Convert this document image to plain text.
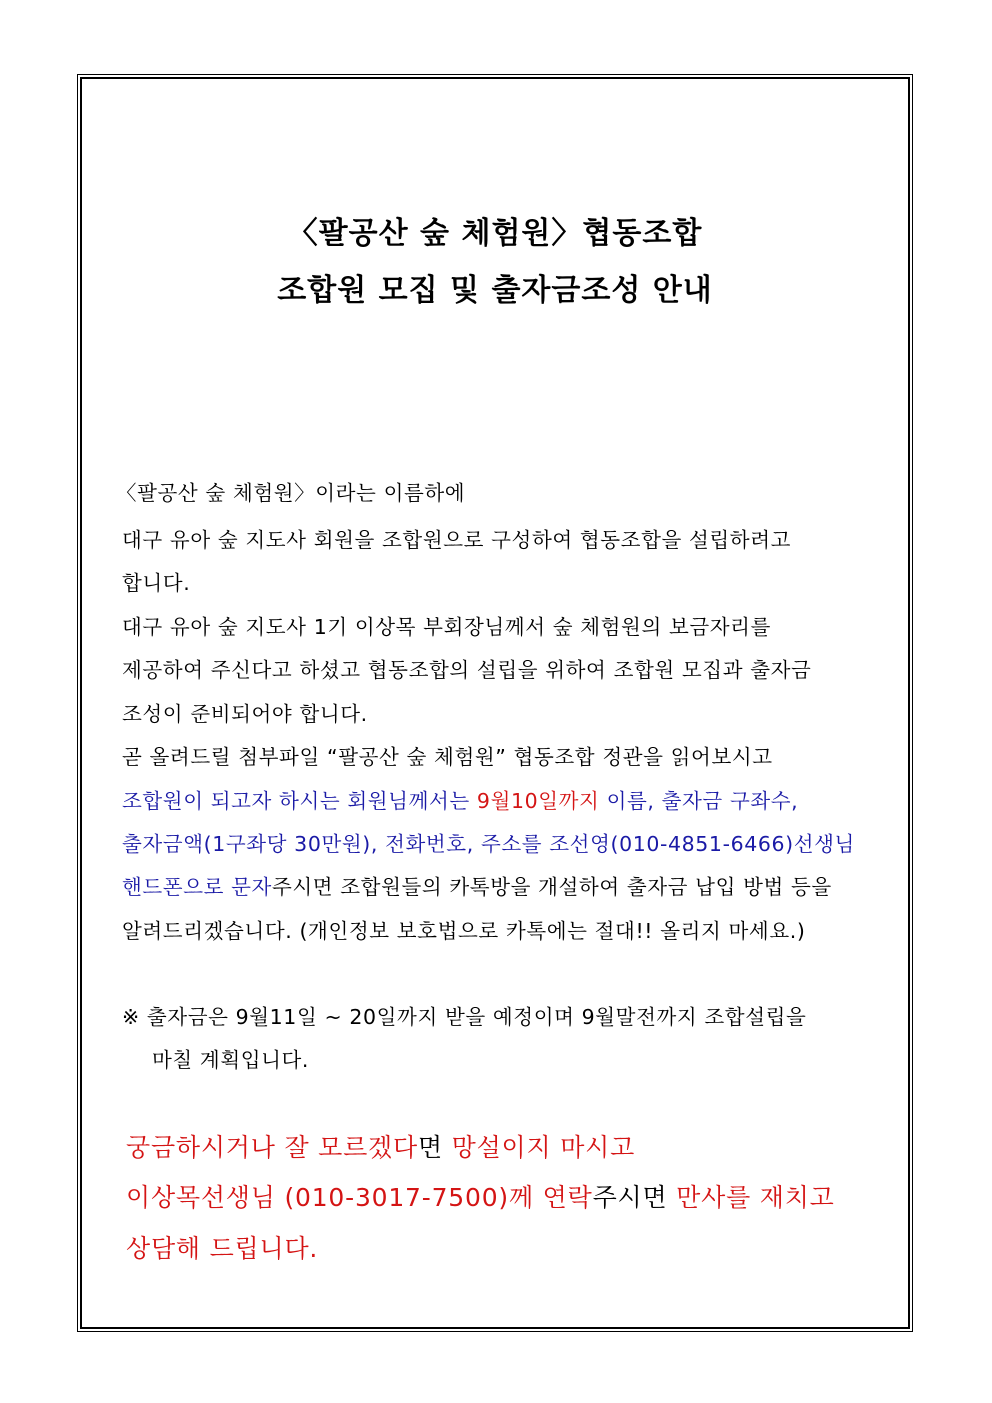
〈팔공산 숲 체험원〉협동조합
조합원 모집 및 출자금조성 안내
〈팔공산 숲 체험원〉이라는 이름하에
대구 유아 숲 지도사 회원을 조합원으로 구성하여 협동조합을 설립하려고
합니다.
대구 유아 숲 지도사 1기 이상목 부회장님께서 숲 체험원의 보금자리를
제공하여 주신다고 하셨고 협동조합의 설립을 위하여 조합원 모집과 출자금
조성이 준비되어야 합니다.
곧 올려드릴 첨부파일 “팔공산 숲 체험원” 협동조합 정관을 읽어보시고
조합원이 되고자 하시는 회원님께서는 9월10일까지 이름, 출자금 구좌수,
출자금액(1구좌당 30만원), 전화번호, 주소를 조선영(010-4851-6466)선생님
핸드폰으로 문자주시면 조합원들의 카톡방을 개설하여 출자금 납입 방법 등을
알려드리겠습니다. (개인정보 보호법으로 카톡에는 절대!! 올리지 마세요.)
※ 출자금은 9월11일 ~ 20일까지 받을 예정이며 9월말전까지 조합설립을
마칠 계획입니다.
궁금하시거나 잘 모르겠다면 망설이지 마시고
이상목선생님 (010-3017-7500)께 연락주시면 만사를 재치고
상담해 드립니다.
